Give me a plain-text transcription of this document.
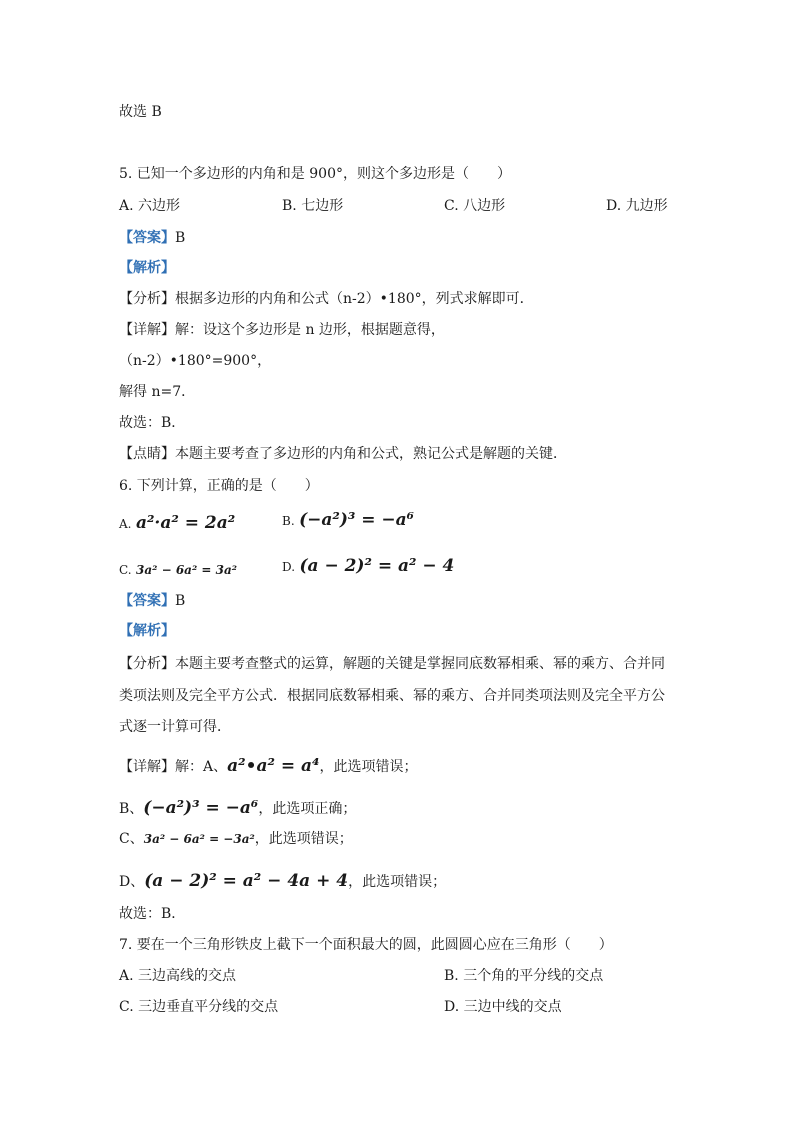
故选 B
5. 已知一个多边形的内角和是 900°，则这个多边形是（　　）
A. 六边形	B. 七边形	C. 八边形	D. 九边形
【答案】B
【解析】
【分析】根据多边形的内角和公式（n-2）•180°，列式求解即可．
【详解】解：设这个多边形是 n 边形，根据题意得，
（n-2）•180°=900°，
解得 n=7．
故选：B．
【点睛】本题主要考查了多边形的内角和公式，熟记公式是解题的关键．
6. 下列计算，正确的是（　　）
A. a²·a² = 2a²	B. (−a²)³ = −a⁶
C. 3a² − 6a² = 3a²	D. (a − 2)² = a² − 4
【答案】B
【解析】
【分析】本题主要考查整式的运算，解题的关键是掌握同底数幂相乘、幂的乘方、合并同
类项法则及完全平方公式．根据同底数幂相乘、幂的乘方、合并同类项法则及完全平方公
式逐一计算可得．
【详解】解：A、a²•a² = a⁴，此选项错误；
B、(−a²)³ = −a⁶，此选项正确；
C、3a² − 6a² = −3a²，此选项错误；
D、(a − 2)² = a² − 4a + 4，此选项错误；
故选：B．
7. 要在一个三角形铁皮上截下一个面积最大的圆，此圆圆心应在三角形（　　）
A. 三边高线的交点	B. 三个角的平分线的交点
C. 三边垂直平分线的交点	D. 三边中线的交点
